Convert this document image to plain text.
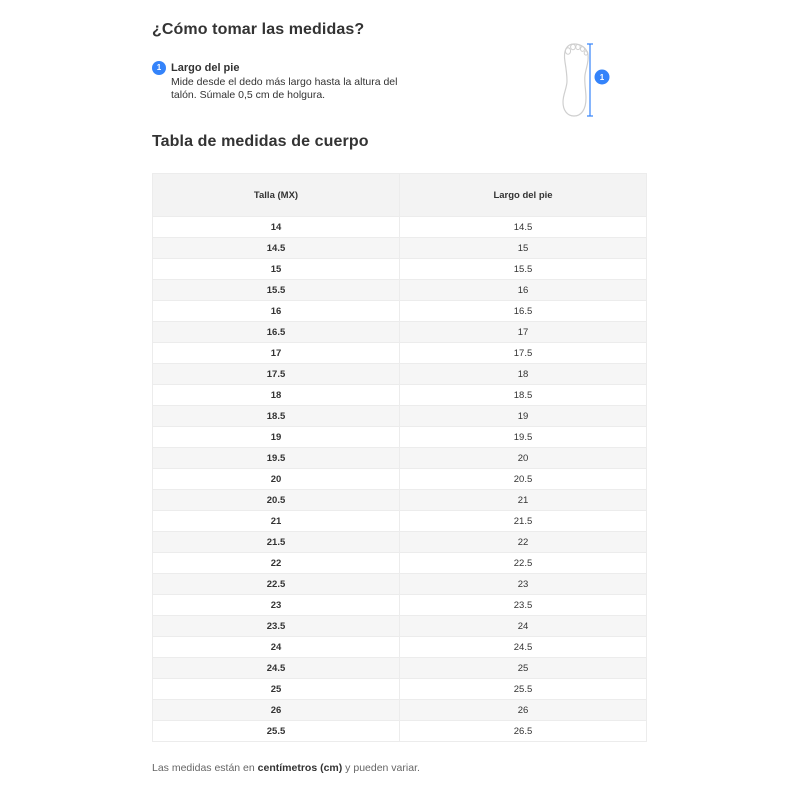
¿Cómo tomar las medidas?
1 Largo del pie
Mide desde el dedo más largo hasta la altura del talón. Súmale 0,5 cm de holgura.
1
Tabla de medidas de cuerpo
Talla (MX)	Largo del pie
14	14.5
14.5	15
15	15.5
15.5	16
16	16.5
16.5	17
17	17.5
17.5	18
18	18.5
18.5	19
19	19.5
19.5	20
20	20.5
20.5	21
21	21.5
21.5	22
22	22.5
22.5	23
23	23.5
23.5	24
24	24.5
24.5	25
25	25.5
26	26
25.5	26.5
Las medidas están en centímetros (cm) y pueden variar.
